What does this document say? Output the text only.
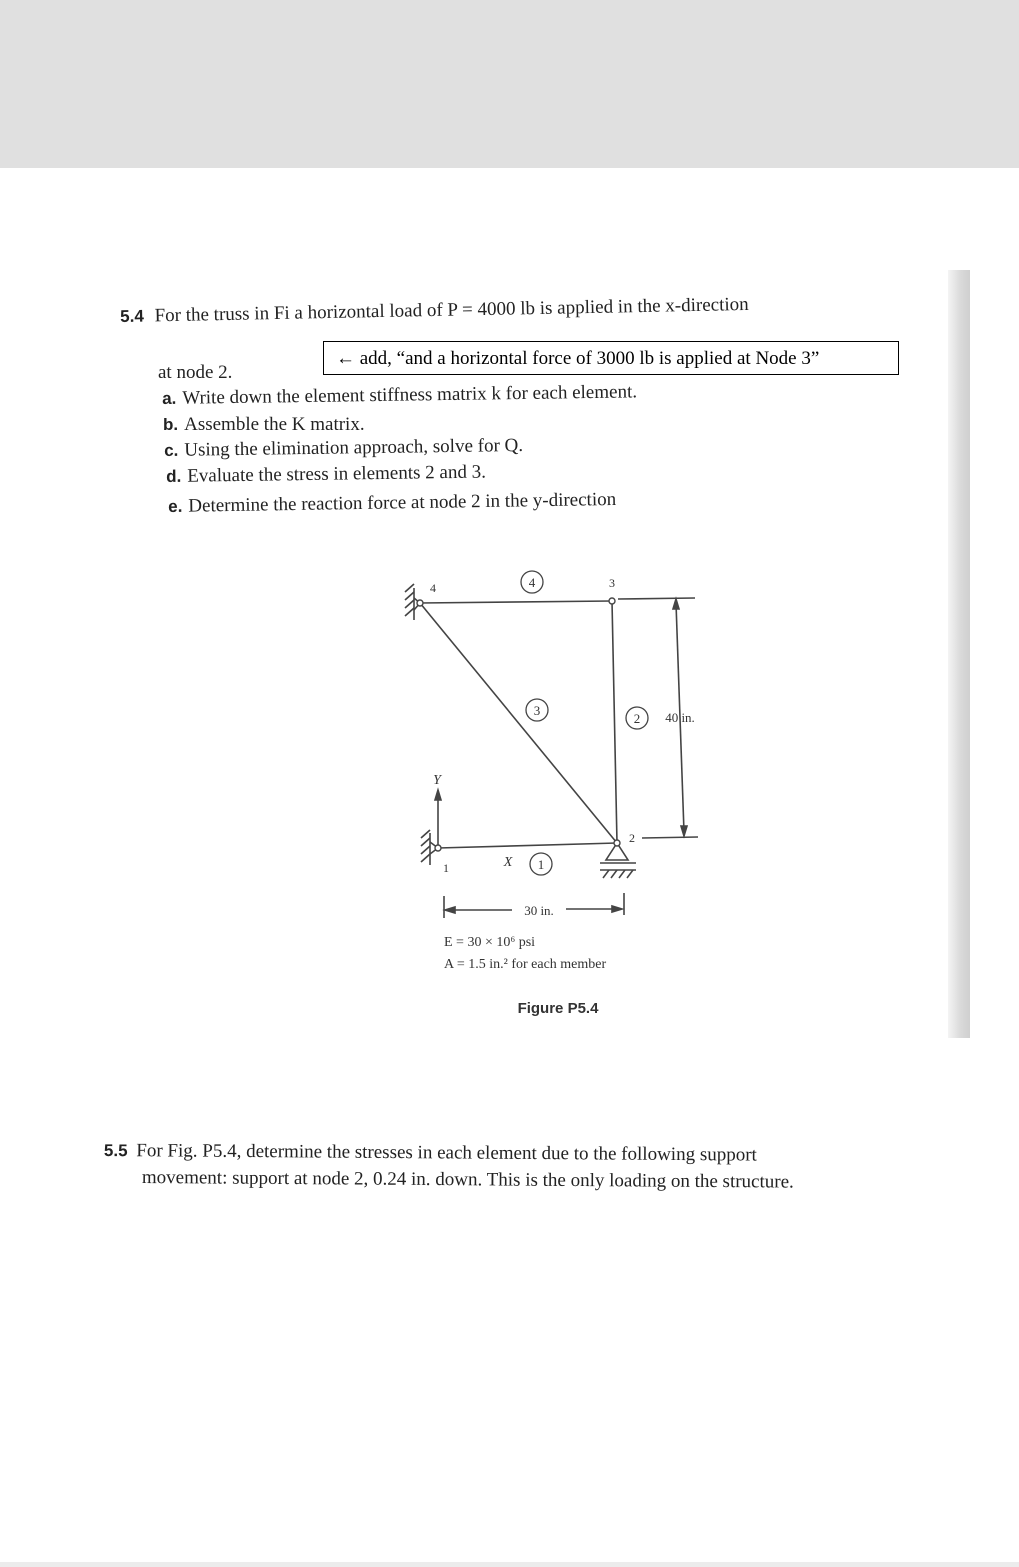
5.4 For the truss in Fi a horizontal load of P = 4000 lb is applied in the x-direction
at node 2.
a. Write down the element stiffness matrix k for each element.
b. Assemble the K matrix.
c. Using the elimination approach, solve for Q.
d. Evaluate the stress in elements 2 and 3.
e. Determine the reaction force at node 2 in the y-direction
← add, “and a horizontal force of 3000 lb is applied at Node 3”
4
3
2
1
4	3
2
1
Y
X
40 in.
30 in.
E = 30 × 10⁶ psi
A = 1.5 in.² for each member
Figure P5.4
5.5 For Fig. P5.4, determine the stresses in each element due to the following support
movement: support at node 2, 0.24 in. down. This is the only loading on the structure.
